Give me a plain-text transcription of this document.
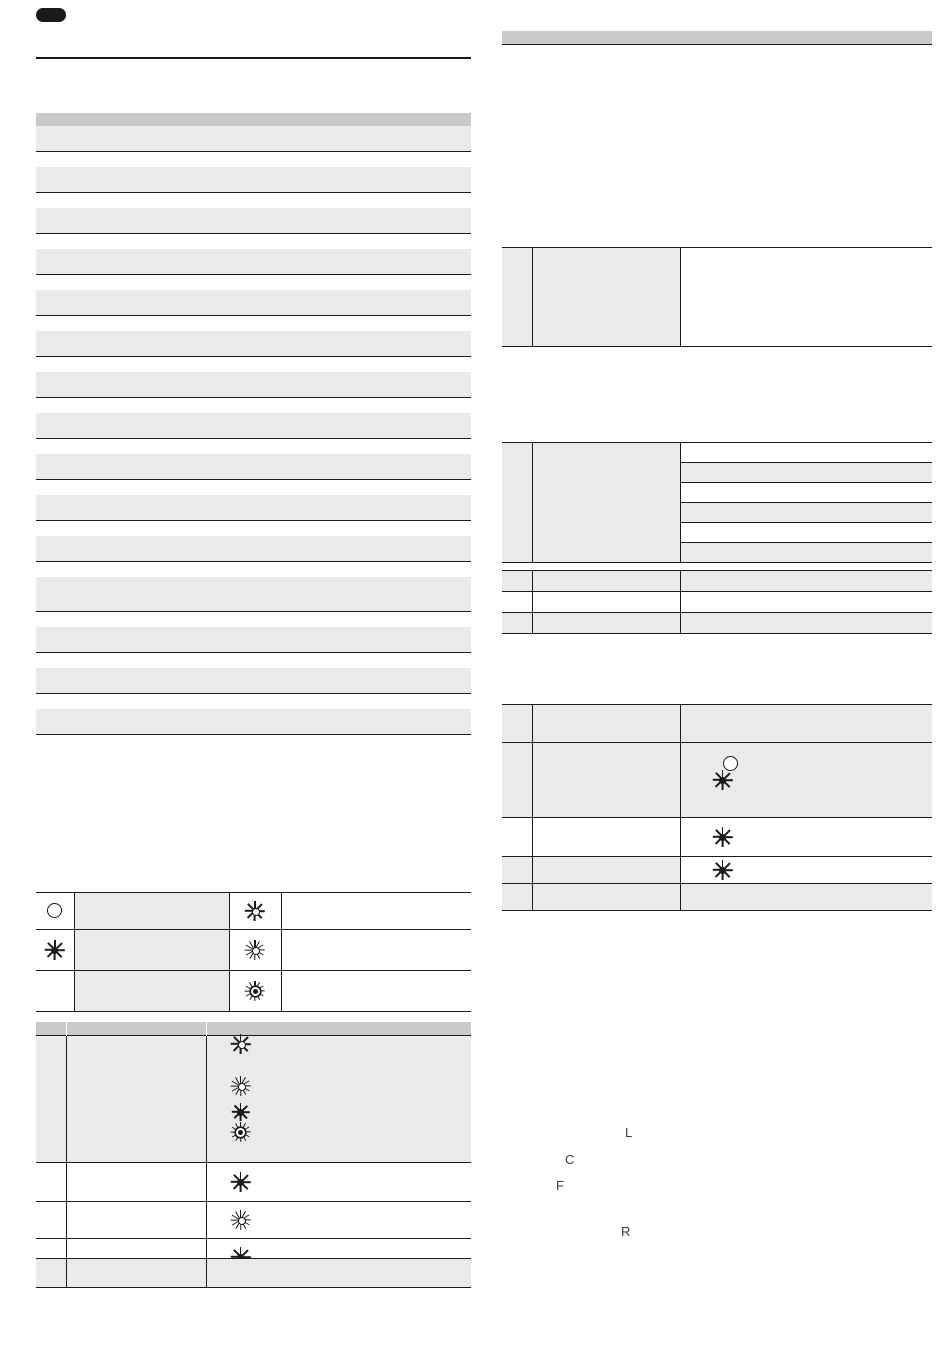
L
C
F
R
